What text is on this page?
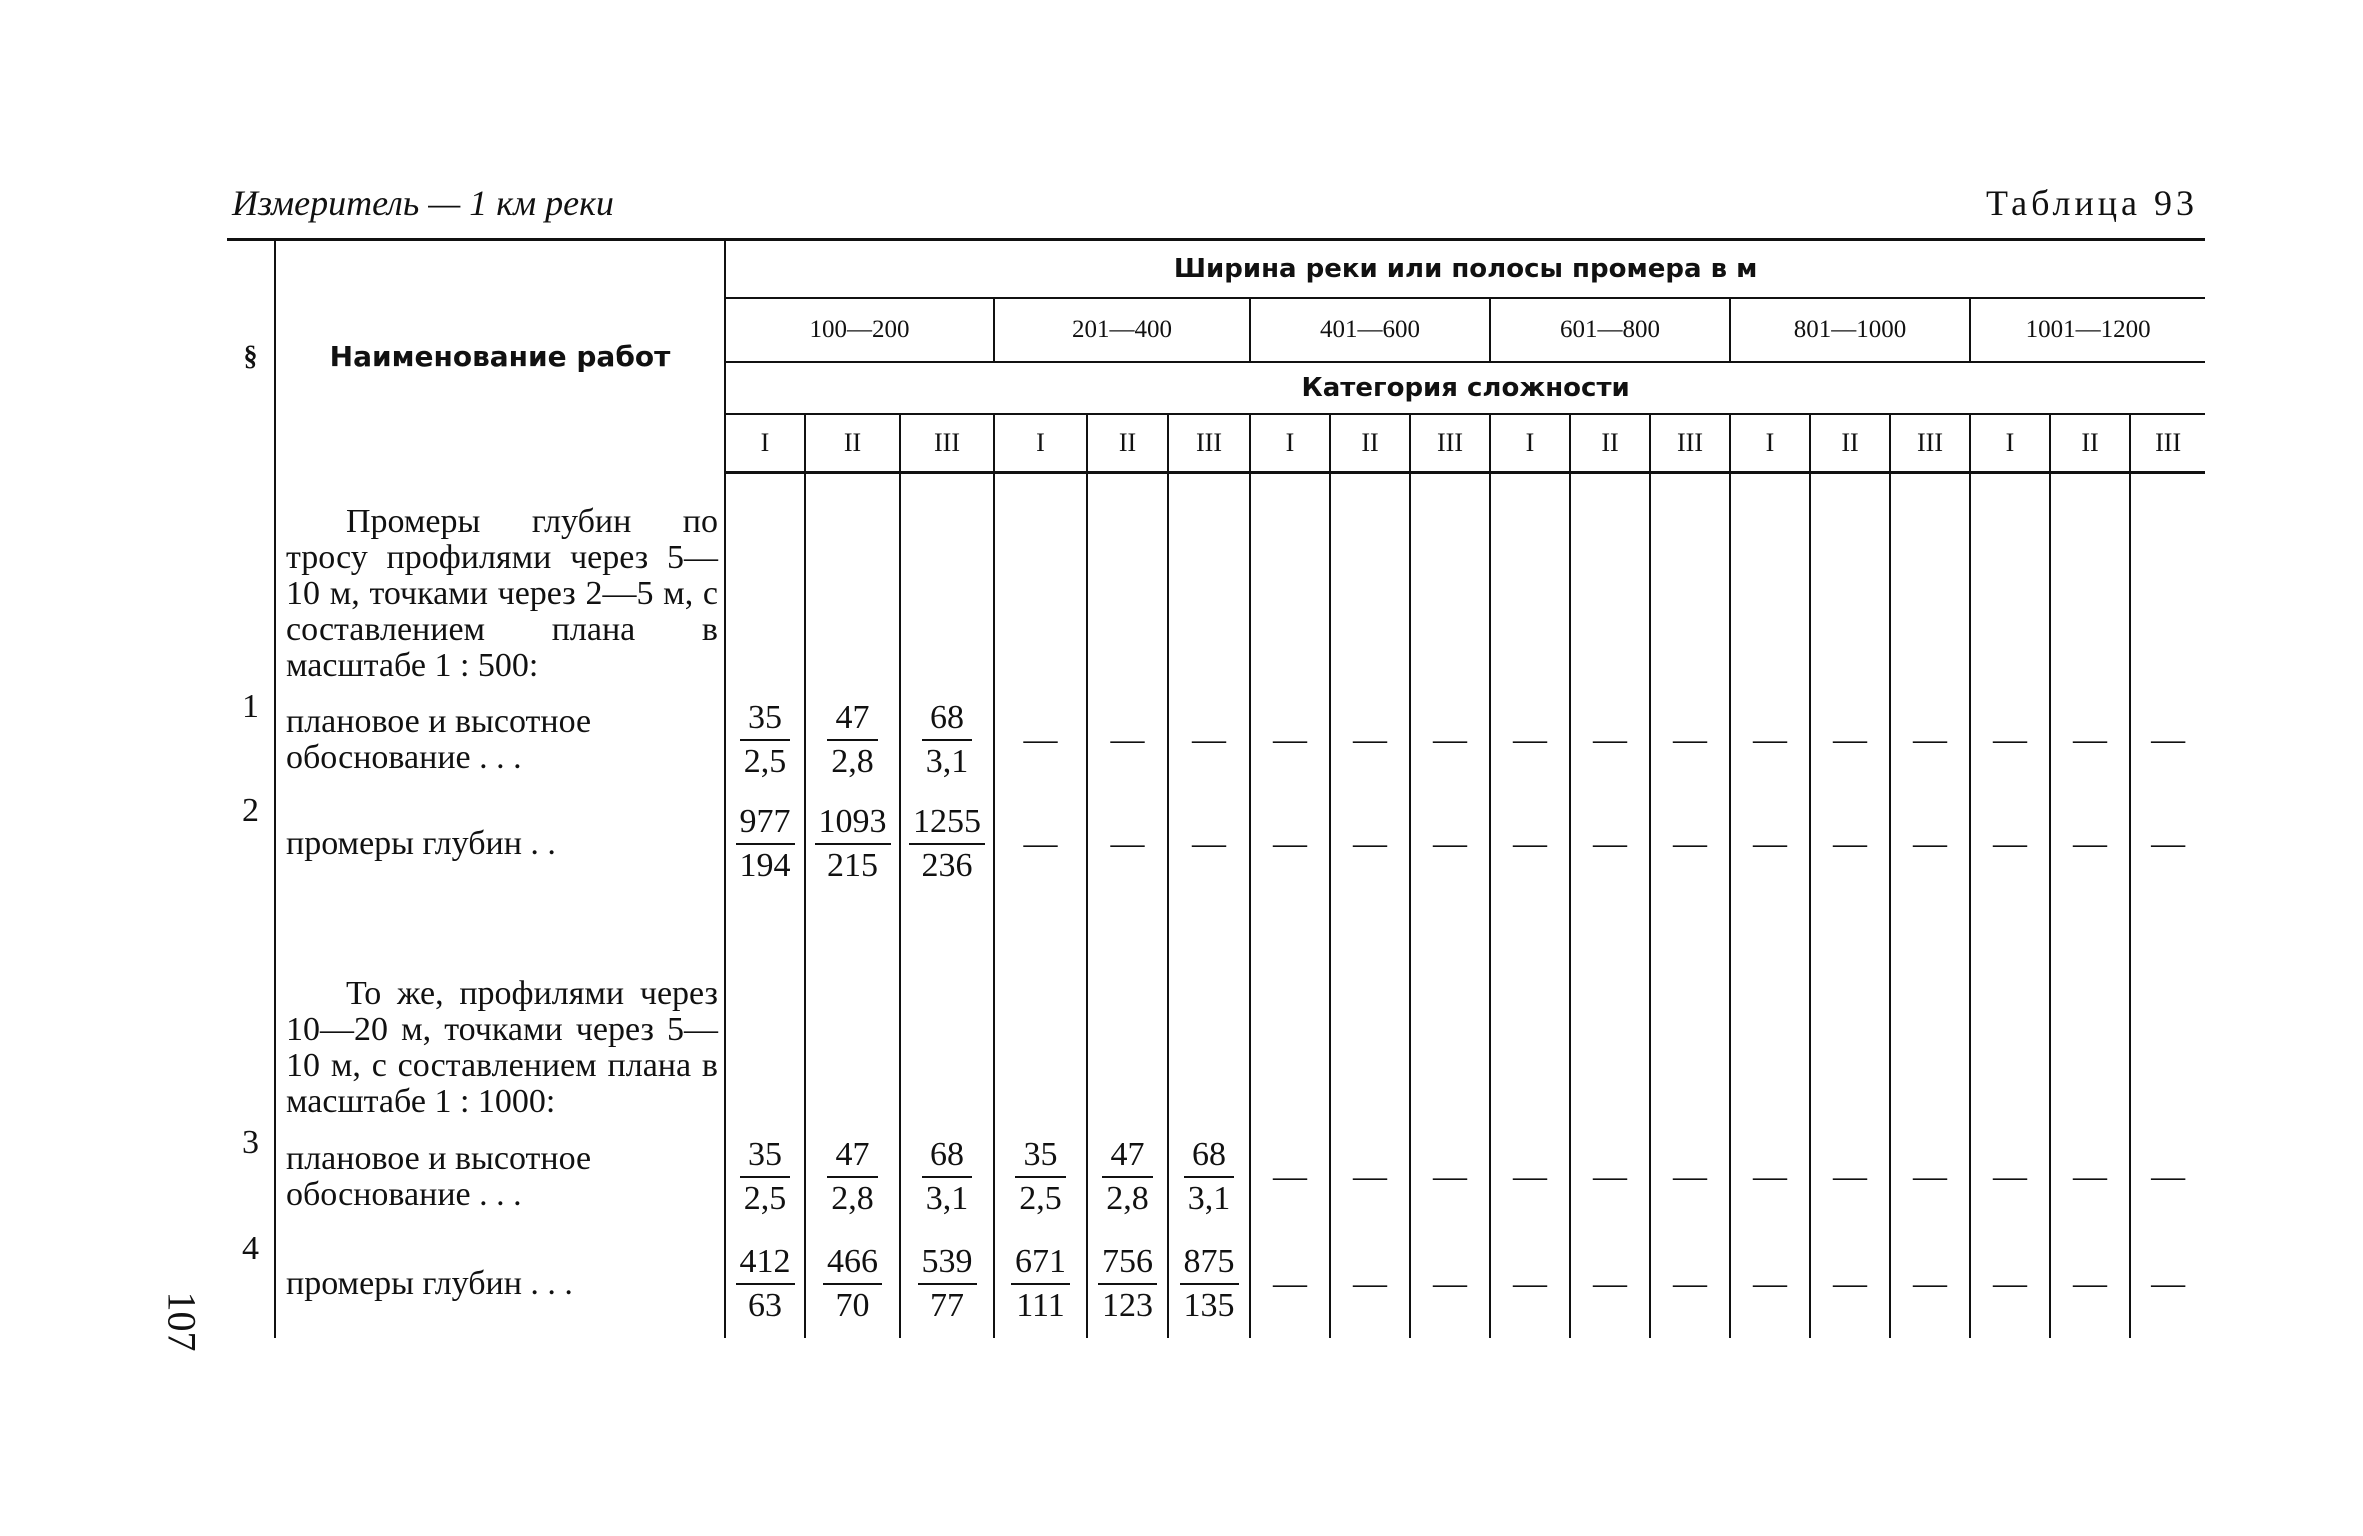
Измеритель — 1 км реки	Таблица 93
107
§	Наименование работ	Ширина реки или полосы промера в м																	
		100—200			201—400			401—600			601—800			801—1000			1001—1200		
		Категория сложности																	
		I	II	III	I	II	III	I	II	III	I	II	III	I	II	III	I	II	III

	Промеры глубин по тросу профилями через 5—10 м, точками через 2—5 м, с составлением плана в масштабе 1 : 500:																		
1	плановое и высотное обоснование . . .	$\frac{35}{2,5}$	$\frac{47}{2,8}$	$\frac{68}{3,1}$	—	—	—	—	—	—	—	—	—	—	—	—	—	—	—
2	промеры глубин . .	$\frac{977}{194}$	$\frac{1093}{215}$	$\frac{1255}{236}$	—	—	—	—	—	—	—	—	—	—	—	—	—	—	—
	То же, профилями через 10—20 м, точками через 5—10 м, с составлением плана в масштабе 1 : 1000:																		
3	плановое и высотное обоснование . . .	$\frac{35}{2,5}$	$\frac{47}{2,8}$	$\frac{68}{3,1}$	$\frac{35}{2,5}$	$\frac{47}{2,8}$	$\frac{68}{3,1}$	—	—	—	—	—	—	—	—	—	—	—	—
4	промеры глубин . . .	$\frac{412}{63}$	$\frac{466}{70}$	$\frac{539}{77}$	$\frac{671}{111}$	$\frac{756}{123}$	$\frac{875}{135}$	—	—	—	—	—	—	—	—	—	—	—	—
